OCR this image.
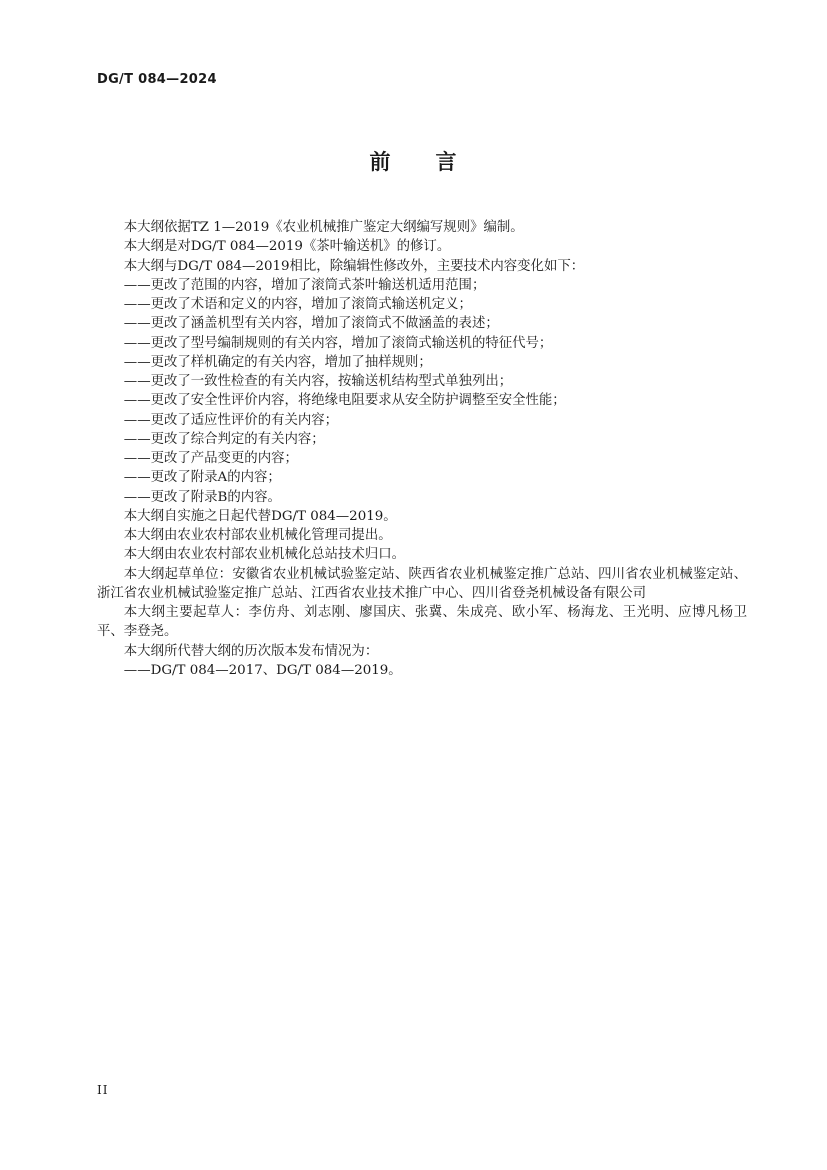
DG/T 084—2024
前 言

本大纲依据TZ 1—2019《农业机械推广鉴定大纲编写规则》编制。

本大纲是对DG/T 084—2019《茶叶输送机》的修订。

本大纲与DG/T 084—2019相比，除编辑性修改外，主要技术内容变化如下：

——更改了范围的内容，增加了滚筒式茶叶输送机适用范围；

——更改了术语和定义的内容，增加了滚筒式输送机定义；

——更改了涵盖机型有关内容，增加了滚筒式不做涵盖的表述；

——更改了型号编制规则的有关内容，增加了滚筒式输送机的特征代号；

——更改了样机确定的有关内容，增加了抽样规则；

——更改了一致性检查的有关内容，按输送机结构型式单独列出；

——更改了安全性评价内容，将绝缘电阻要求从安全防护调整至安全性能；

——更改了适应性评价的有关内容；

——更改了综合判定的有关内容；

——更改了产品变更的内容；

——更改了附录A的内容；

——更改了附录B的内容。

本大纲自实施之日起代替DG/T 084—2019。

本大纲由农业农村部农业机械化管理司提出。

本大纲由农业农村部农业机械化总站技术归口。

本大纲起草单位：安徽省农业机械试验鉴定站、陕西省农业机械鉴定推广总站、四川省农业机械鉴定站、浙江省农业机械试验鉴定推广总站、江西省农业技术推广中心、四川省登尧机械设备有限公司

本大纲主要起草人：李仿舟、刘志刚、廖国庆、张冀、朱成亮、欧小军、杨海龙、王光明、应博凡杨卫平、李登尧。

本大纲所代替大纲的历次版本发布情况为：

——DG/T 084—2017、DG/T 084—2019。

II
